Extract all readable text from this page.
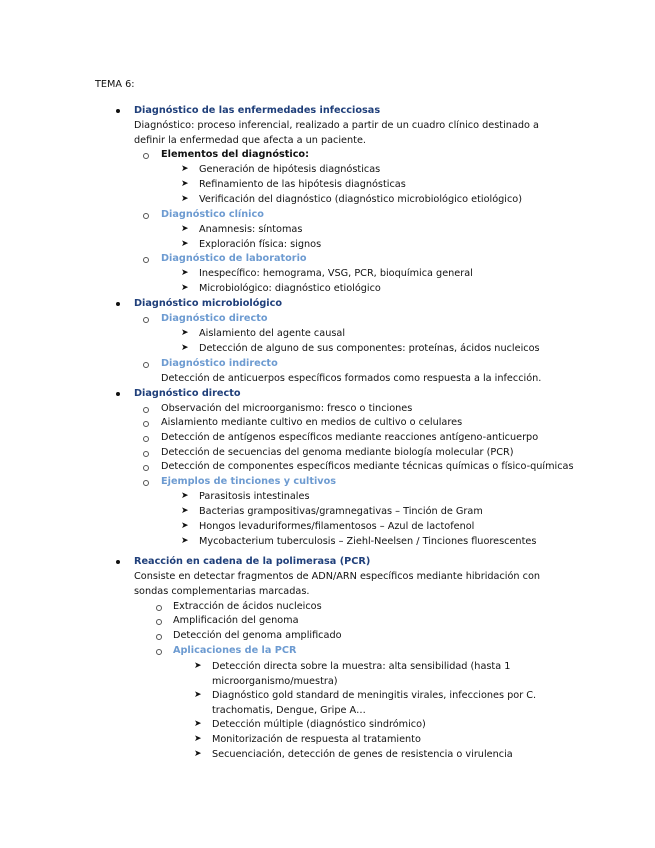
TEMA 6:
Diagnóstico de las enfermedades infecciosas
Diagnóstico: proceso inferencial, realizado a partir de un cuadro clínico destinado a
definir la enfermedad que afecta a un paciente.
Elementos del diagnóstico:
➤ Generación de hipótesis diagnósticas
➤ Refinamiento de las hipótesis diagnósticas
➤ Verificación del diagnóstico (diagnóstico microbiológico etiológico)
Diagnóstico clínico
➤ Anamnesis: síntomas
➤ Exploración física: signos
Diagnóstico de laboratorio
➤ Inespecífico: hemograma, VSG, PCR, bioquímica general
➤ Microbiológico: diagnóstico etiológico
Diagnóstico microbiológico
Diagnóstico directo
➤ Aislamiento del agente causal
➤ Detección de alguno de sus componentes: proteínas, ácidos nucleicos
Diagnóstico indirecto
Detección de anticuerpos específicos formados como respuesta a la infección.
Diagnóstico directo
Observación del microorganismo: fresco o tinciones
Aislamiento mediante cultivo en medios de cultivo o celulares
Detección de antígenos específicos mediante reacciones antígeno-anticuerpo
Detección de secuencias del genoma mediante biología molecular (PCR)
Detección de componentes específicos mediante técnicas químicas o físico-químicas
Ejemplos de tinciones y cultivos
➤ Parasitosis intestinales
➤ Bacterias grampositivas/gramnegativas – Tinción de Gram
➤ Hongos levaduriformes/filamentosos – Azul de lactofenol
➤ Mycobacterium tuberculosis – Ziehl-Neelsen / Tinciones fluorescentes
Reacción en cadena de la polimerasa (PCR)
Consiste en detectar fragmentos de ADN/ARN específicos mediante hibridación con
sondas complementarias marcadas.
Extracción de ácidos nucleicos
Amplificación del genoma
Detección del genoma amplificado
Aplicaciones de la PCR
➤ Detección directa sobre la muestra: alta sensibilidad (hasta 1
microorganismo/muestra)
➤ Diagnóstico gold standard de meningitis virales, infecciones por C.
trachomatis, Dengue, Gripe A…
➤ Detección múltiple (diagnóstico sindrómico)
➤ Monitorización de respuesta al tratamiento
➤ Secuenciación, detección de genes de resistencia o virulencia
